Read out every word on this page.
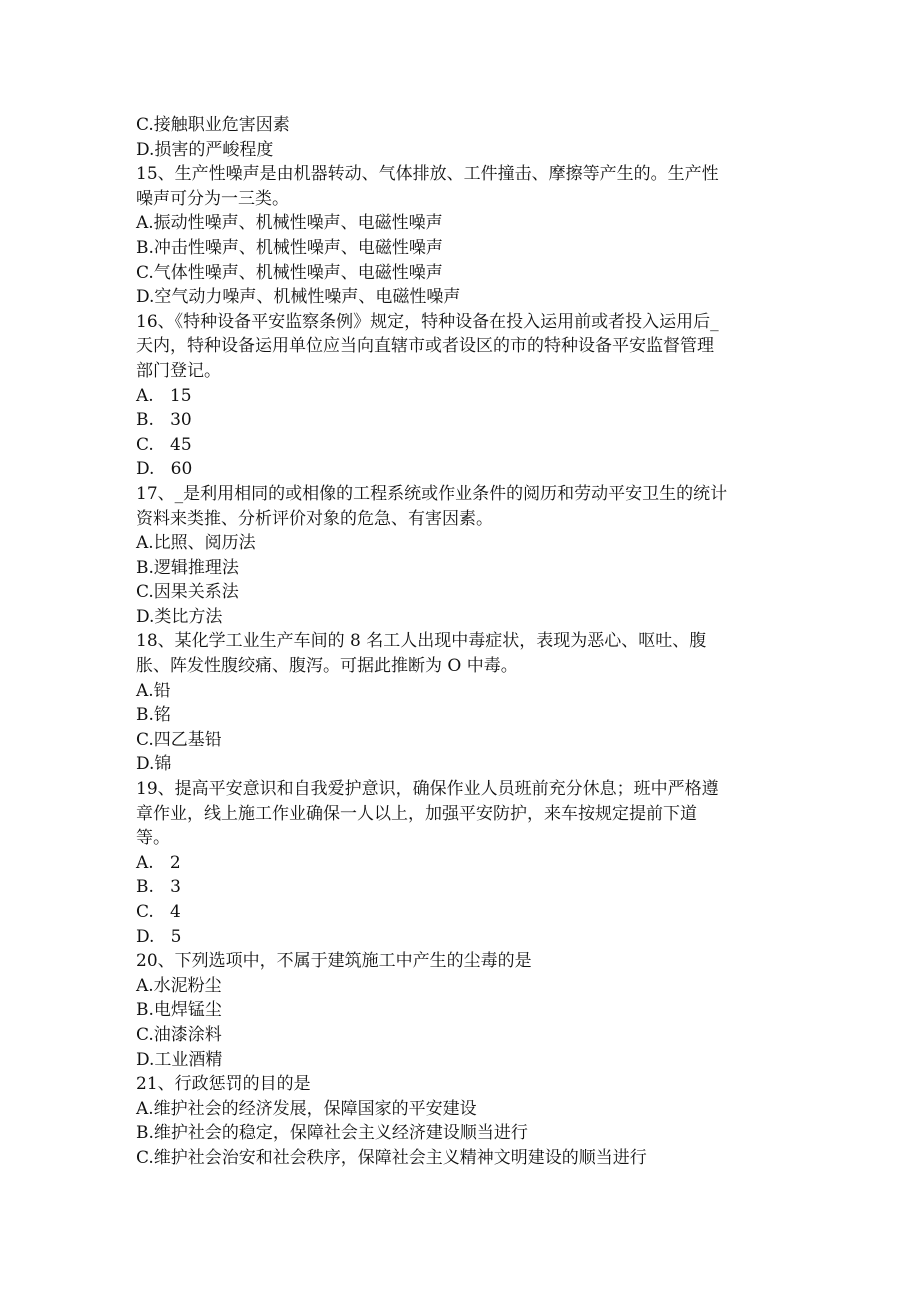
C.接触职业危害因素
D.损害的严峻程度
15、生产性噪声是由机器转动、气体排放、工件撞击、摩擦等产生的。生产性
噪声可分为一三类。
A.振动性噪声、机械性噪声、电磁性噪声
B.冲击性噪声、机械性噪声、电磁性噪声
C.气体性噪声、机械性噪声、电磁性噪声
D.空气动力噪声、机械性噪声、电磁性噪声
16、《特种设备平安监察条例》规定，特种设备在投入运用前或者投入运用后_
天内，特种设备运用单位应当向直辖市或者设区的市的特种设备平安监督管理
部门登记。
A.   15
B.   30
C.   45
D.   60
17、_是利用相同的或相像的工程系统或作业条件的阅历和劳动平安卫生的统计
资料来类推、分析评价对象的危急、有害因素。
A.比照、阅历法
B.逻辑推理法
C.因果关系法
D.类比方法
18、某化学工业生产车间的 8 名工人出现中毒症状，表现为恶心、呕吐、腹
胀、阵发性腹绞痛、腹泻。可据此推断为 O 中毒。
A.铅
B.铭
C.四乙基铅
D.锦
19、提高平安意识和自我爱护意识，确保作业人员班前充分休息；班中严格遵
章作业，线上施工作业确保一人以上，加强平安防护，来车按规定提前下道
等。
A.   2
B.   3
C.   4
D.   5
20、下列选项中，不属于建筑施工中产生的尘毒的是
A.水泥粉尘
B.电焊锰尘
C.油漆涂料
D.工业酒精
21、行政惩罚的目的是
A.维护社会的经济发展，保障国家的平安建设
B.维护社会的稳定，保障社会主义经济建设顺当进行
C.维护社会治安和社会秩序，保障社会主义精神文明建设的顺当进行
